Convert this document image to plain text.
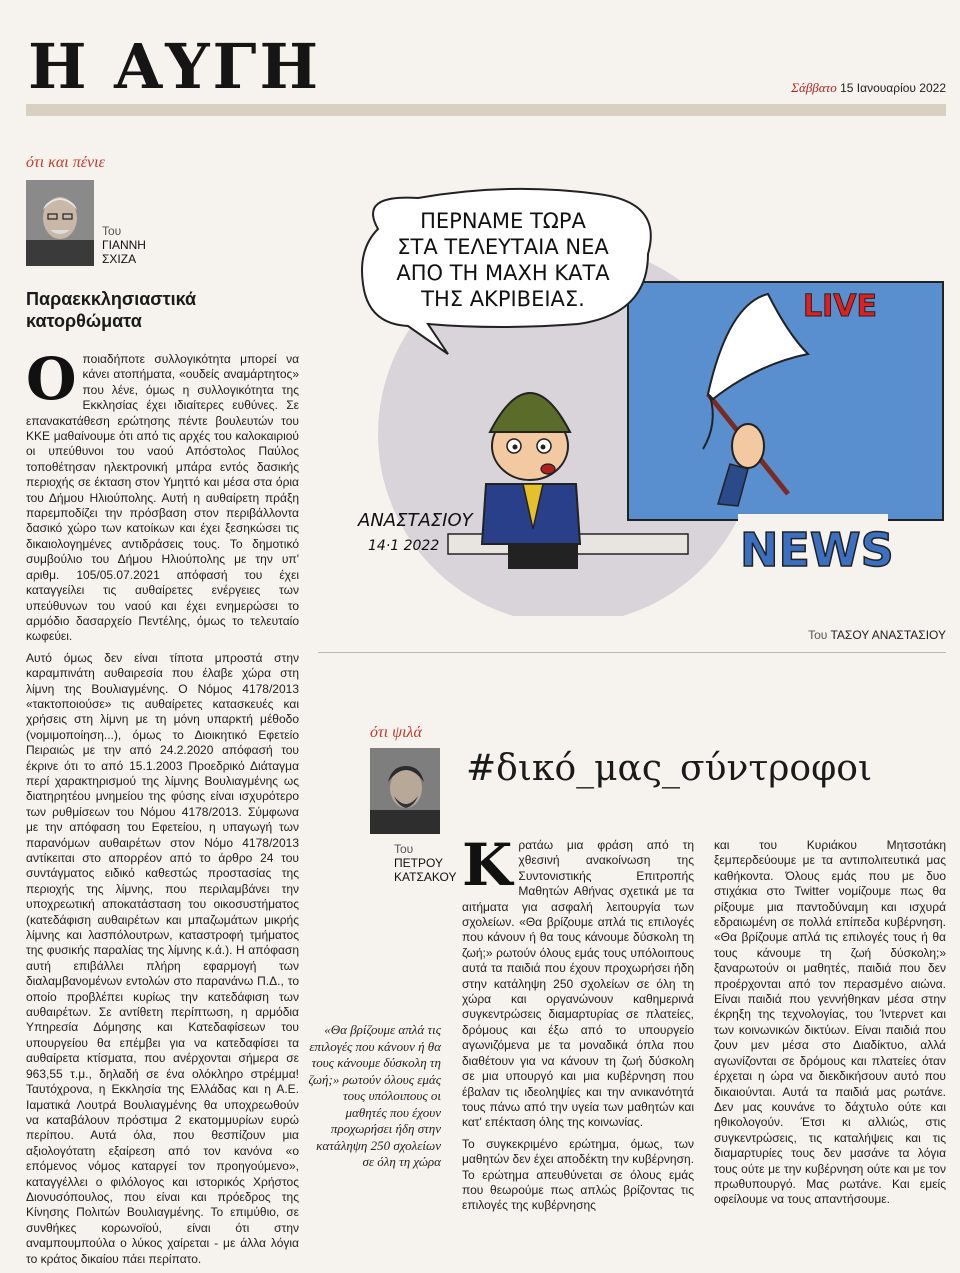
Η ΑΥΓΗ	Σάββατο 15 Ιανουαρίου 2022
ότι και πένιε
Του
ΓΙΑΝΝΗ
ΣΧΙΖΑ
Παραεκκλησιαστικά κατορθώματα

Ο ποιαδήποτε συλλογικότητα μπορεί να κάνει ατοπήματα, «ουδείς αναμάρτητος» που λένε, όμως η συλλογικότητα της Εκκλησίας έχει ιδιαίτερες ευθύνες. Σε επανακατάθεση ερώτησης πέντε βουλευτών του ΚΚΕ μαθαίνουμε ότι από τις αρχές του καλοκαιριού οι υπεύθυνοι του ναού Απόστολος Παύλος τοποθέτησαν ηλεκτρονική μπάρα εντός δασικής περιοχής σε έκταση στον Υμηττό και μέσα στα όρια του Δήμου Ηλιούπολης. Αυτή η αυθαίρετη πράξη παρεμποδίζει την πρόσβαση στον περιβάλλοντα δασικό χώρο των κατοίκων και έχει ξεσηκώσει τις δικαιολογημένες αντιδράσεις τους. Το δημοτικό συμβούλιο του Δήμου Ηλιούπολης με την υπ' αριθμ. 105/05.07.2021 απόφασή του έχει καταγγείλει τις αυθαίρετες ενέργειες των υπεύθυνων του ναού και έχει ενημερώσει το αρμόδιο δασαρχείο Πεντέλης, όμως το τελευταίο κωφεύει.

Αυτό όμως δεν είναι τίποτα μπροστά στην καραμπινάτη αυθαιρεσία που έλαβε χώρα στη λίμνη της Βουλιαγμένης. Ο Νόμος 4178/2013 «τακτοποιούσε» τις αυθαίρετες κατασκευές και χρήσεις στη λίμνη με τη μόνη υπαρκτή μέθοδο (νομιμοποίηση...), όμως το Διοικητικό Εφετείο Πειραιώς με την από 24.2.2020 απόφασή του έκρινε ότι το από 15.1.2003 Προεδρικό Διάταγμα περί χαρακτηρισμού της λίμνης Βουλιαγμένης ως διατηρητέου μνημείου της φύσης είναι ισχυρότερο των ρυθμίσεων του Νόμου 4178/2013. Σύμφωνα με την απόφαση του Εφετείου, η υπαγωγή των παρανόμων αυθαιρέτων στον Νόμο 4178/2013 αντίκειται στο απορρέον από το άρθρο 24 του συντάγματος ειδικό καθεστώς προστασίας της περιοχής της λίμνης, που περιλαμβάνει την υποχρεωτική αποκατάσταση του οικοσυστήματος (κατεδάφιση αυθαιρέτων και μπαζωμάτων μικρής λίμνης και λασπόλουτρων, καταστροφή τμήματος της φυσικής παραλίας της λίμνης κ.ά.). Η απόφαση αυτή επιβάλλει πλήρη εφαρμογή των διαλαμβανομένων εντολών στο παρανάνω Π.Δ., το οποίο προβλέπει κυρίως την κατεδάφιση των αυθαιρέτων. Σε αντίθετη περίπτωση, η αρμόδια Υπηρεσία Δόμησης και Κατεδαφίσεων του υπουργείου θα επέμβει για να κατεδαφίσει τα αυθαίρετα κτίσματα, που ανέρχονται σήμερα σε 963,55 τ.μ., δηλαδή σε ένα ολόκληρο στρέμμα! Ταυτόχρονα, η Εκκλησία της Ελλάδας και η Α.Ε. Ιαματικά Λουτρά Βουλιαγμένης θα υποχρεωθούν να καταβάλουν πρόστιμα 2 εκατομμυρίων ευρώ περίπου. Αυτά όλα, που θεσπίζουν μια αξιολογότατη εξαίρεση από τον κανόνα «ο επόμενος νόμος καταργεί τον προηγούμενο», καταγγέλλει ο φιλόλογος και ιστορικός Χρήστος Διονυσόπουλος, που είναι και πρόεδρος της Κίνησης Πολιτών Βουλιαγμένης. Το επιμύθιο, σε συνθήκες κορωνοϊού, είναι ότι στην αναμπουμπούλα ο λύκος χαίρεται - με άλλα λόγια το κράτος δικαίου πάει περίπατο.

ΠΕΡΝΑΜΕ ΤΩΡΑ
ΣΤΑ ΤΕΛΕΥΤΑΙΑ ΝΕΑ
ΑΠΟ ΤΗ ΜΑΧΗ ΚΑΤΑ
ΤΗΣ ΑΚΡΙΒΕΙΑΣ.	LIVE
NEWS
ΑΝΑΣΤΑΣΙΟΥ
14·1 2022
Του ΤΑΣΟΥ ΑΝΑΣΤΑΣΙΟΥ
ότι ψιλά
Του
ΠΕΤΡΟΥ
ΚΑΤΣΑΚΟΥ
#δικό_μας_σύντροφοι
«Θα βρίζουμε απλά τις επιλογές που κάνουν ή θα τους κάνουμε δύσκολη τη ζωή;» ρωτούν όλους εμάς τους υπόλοιπους οι μαθητές που έχουν προχωρήσει ήδη στην κατάληψη 250 σχολείων σε όλη τη χώρα

Κ ρατάω μια φράση από τη χθεσινή ανακοίνωση της Συντονιστικής Επιτροπής Μαθητών Αθήνας σχετικά με τα αιτήματα για ασφαλή λειτουργία των σχολείων. «Θα βρίζουμε απλά τις επιλογές που κάνουν ή θα τους κάνουμε δύσκολη τη ζωή;» ρωτούν όλους εμάς τους υπόλοιπους αυτά τα παιδιά που έχουν προχωρήσει ήδη στην κατάληψη 250 σχολείων σε όλη τη χώρα και οργανώνουν καθημερινά συγκεντρώσεις διαμαρτυρίας σε πλατείες, δρόμους και έξω από το υπουργείο αγωνιζόμενα με τα μοναδικά όπλα που διαθέτουν για να κάνουν τη ζωή δύσκολη σε μια υπουργό και μια κυβέρνηση που έβαλαν τις ιδεοληψίες και την ανικανότητά τους πάνω από την υγεία των μαθητών και κατ' επέκταση όλης της κοινωνίας.

Το συγκεκριμένο ερώτημα, όμως, των μαθητών δεν έχει αποδέκτη την κυβέρνηση. Το ερώτημα απευθύνεται σε όλους εμάς που θεωρούμε πως απλώς βρίζοντας τις επιλογές της κυβέρνησης

και του Κυριάκου Μητσοτάκη ξεμπερδεύουμε με τα αντιπολιτευτικά μας καθήκοντα. Όλους εμάς που με δυο στιχάκια στο Twitter νομίζουμε πως θα ρίξουμε μια παντοδύναμη και ισχυρά εδραιωμένη σε πολλά επίπεδα κυβέρνηση. «Θα βρίζουμε απλά τις επιλογές τους ή θα τους κάνουμε τη ζωή δύσκολη;» ξαναρωτούν οι μαθητές, παιδιά που δεν προέρχονται από τον περασμένο αιώνα. Είναι παιδιά που γεννήθηκαν μέσα στην έκρηξη της τεχνολογίας, του Ίντερνετ και των κοινωνικών δικτύων. Είναι παιδιά που ζουν μεν μέσα στο Διαδίκτυο, αλλά αγωνίζονται σε δρόμους και πλατείες όταν έρχεται η ώρα να διεκδικήσουν αυτό που δικαιούνται. Αυτά τα παιδιά μας ρωτάνε. Δεν μας κουνάνε το δάχτυλο ούτε και ηθικολογούν. Έτσι κι αλλιώς, στις συγκεντρώσεις, τις καταλήψεις και τις διαμαρτυρίες τους δεν μασάνε τα λόγια τους ούτε με την κυβέρνηση ούτε και με τον πρωθυπουργό. Μας ρωτάνε. Και εμείς οφείλουμε να τους απαντήσουμε.
